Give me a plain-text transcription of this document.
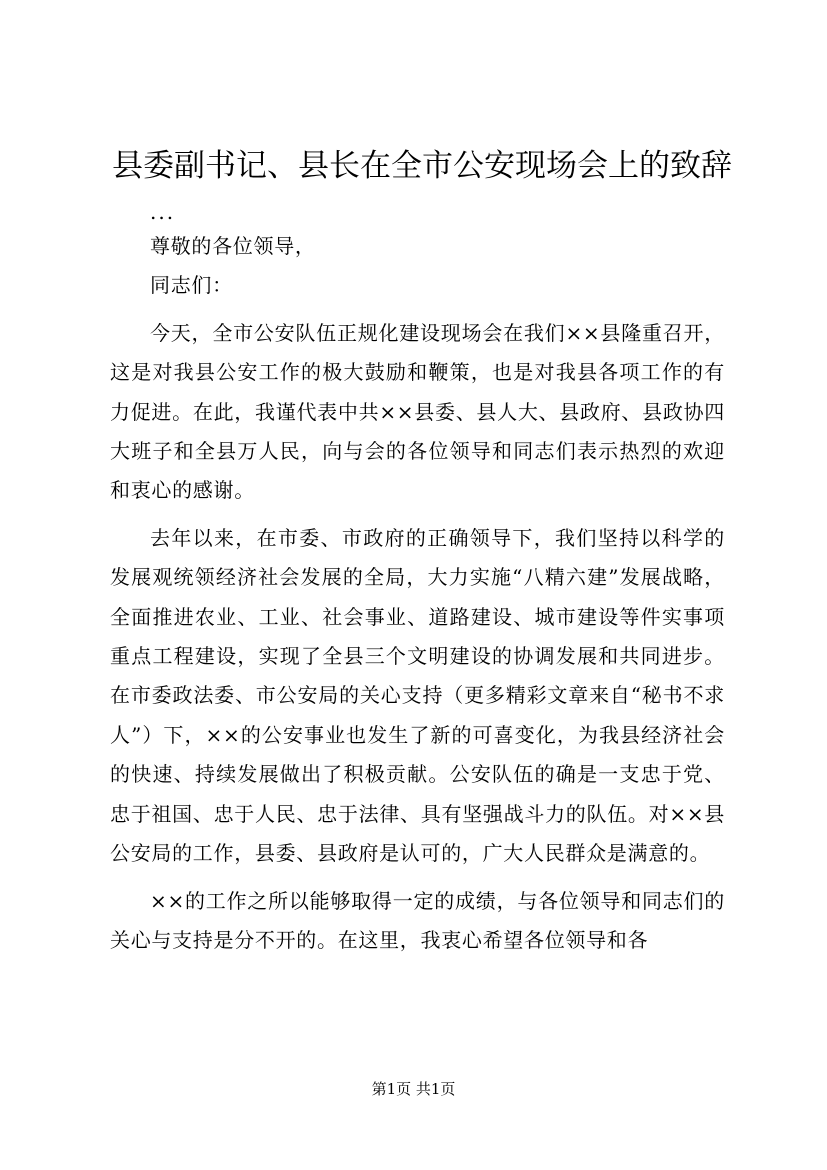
县委副书记、县长在全市公安现场会上的致辞

...

尊敬的各位领导，

同志们：

今天，全市公安队伍正规化建设现场会在我们××县隆重召开，这是对我县公安工作的极大鼓励和鞭策，也是对我县各项工作的有力促进。在此，我谨代表中共××县委、县人大、县政府、县政协四大班子和全县万人民，向与会的各位领导和同志们表示热烈的欢迎和衷心的感谢。

去年以来，在市委、市政府的正确领导下，我们坚持以科学的发展观统领经济社会发展的全局，大力实施“八精六建”发展战略，全面推进农业、工业、社会事业、道路建设、城市建设等件实事项重点工程建设，实现了全县三个文明建设的协调发展和共同进步。在市委政法委、市公安局的关心支持（更多精彩文章来自“秘书不求人”）下，××的公安事业也发生了新的可喜变化，为我县经济社会的快速、持续发展做出了积极贡献。公安队伍的确是一支忠于党、忠于祖国、忠于人民、忠于法律、具有坚强战斗力的队伍。对××县公安局的工作，县委、县政府是认可的，广大人民群众是满意的。

××的工作之所以能够取得一定的成绩，与各位领导和同志们的关心与支持是分不开的。在这里，我衷心希望各位领导和各

第1页 共1页
